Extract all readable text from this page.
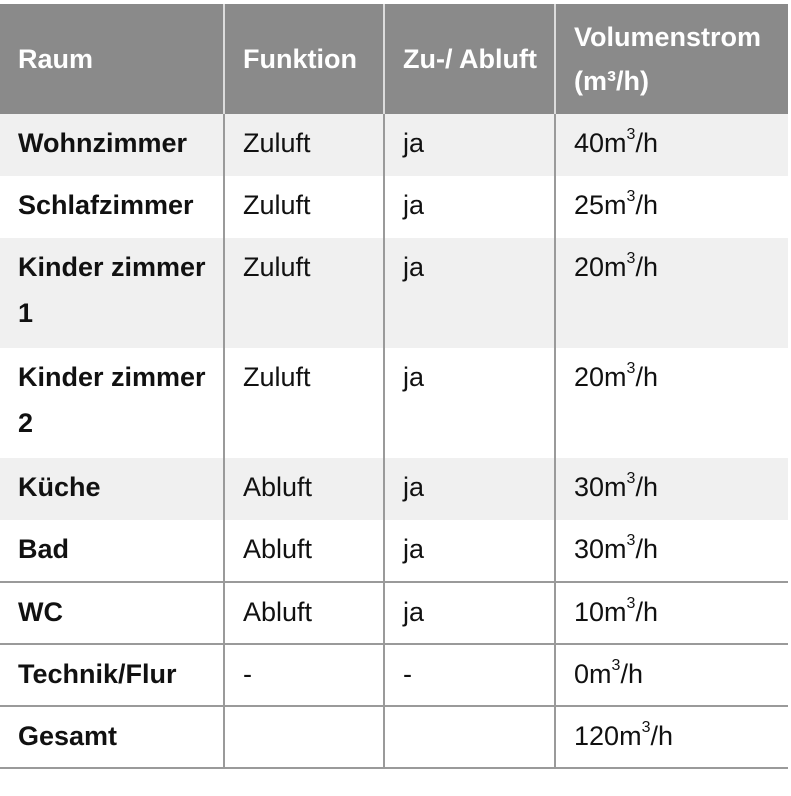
Raum	Funktion	Zu-/ Abluft	Volumenstrom (m³/h)
Wohnzimmer	Zuluft	ja	$40m^3/h$
Schlafzimmer	Zuluft	ja	$25m^3/h$
Kinder zimmer 1	Zuluft	ja	$20m^3/h$
Kinder zimmer 2	Zuluft	ja	$20m^3/h$
Küche	Abluft	ja	$30m^3/h$
Bad	Abluft	ja	$30m^3/h$
WC	Abluft	ja	$10m^3/h$
Technik/Flur	-	-	$0m^3/h$
Gesamt			$120m^3/h$
